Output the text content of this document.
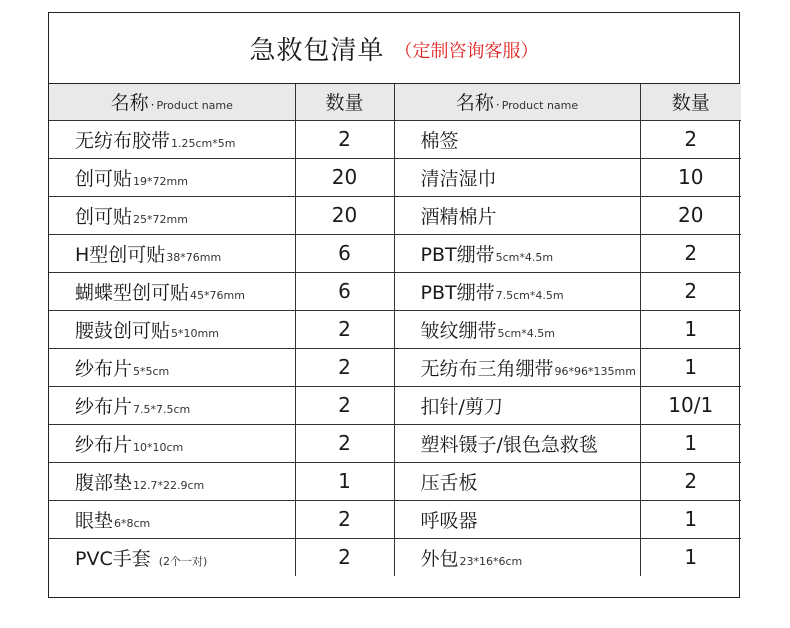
急救包清单 （定制咨询客服）
名称 · Product name	数量	名称 · Product name	数量
无纺布胶带1.25cm*5m	2	棉签	2
创可贴19*72mm	20	清洁湿巾	10
创可贴25*72mm	20	酒精棉片	20
H型创可贴38*76mm	6	PBT绷带5cm*4.5m	2
蝴蝶型创可贴45*76mm	6	PBT绷带7.5cm*4.5m	2
腰鼓创可贴5*10mm	2	皱纹绷带5cm*4.5m	1
纱布片5*5cm	2	无纺布三角绷带96*96*135mm	1
纱布片7.5*7.5cm	2	扣针/剪刀	10/1
纱布片10*10cm	2	塑料镊子/银色急救毯	1
腹部垫12.7*22.9cm	1	压舌板	2
眼垫6*8cm	2	呼吸器	1
PVC手套 (2个一对)	2	外包23*16*6cm	1
